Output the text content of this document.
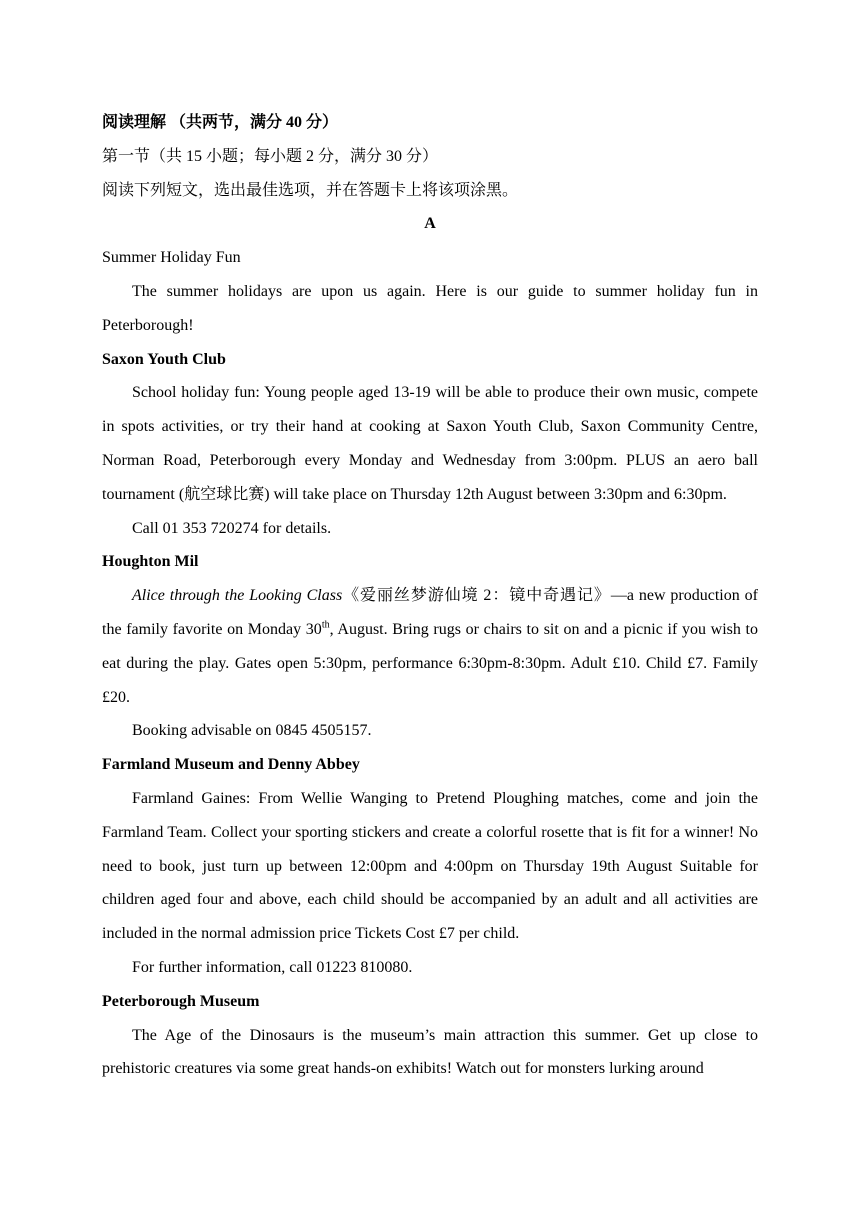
阅读理解 （共两节，满分 40 分）
第一节（共 15 小题；每小题 2 分，满分 30 分）
阅读下列短文，选出最佳选项，并在答题卡上将该项涂黑。
A
Summer Holiday Fun

The summer holidays are upon us again. Here is our guide to summer holiday fun in Peterborough!

Saxon Youth Club

School holiday fun: Young people aged 13-19 will be able to produce their own music, compete in spots activities, or try their hand at cooking at Saxon Youth Club, Saxon Community Centre, Norman Road, Peterborough every Monday and Wednesday from 3:00pm. PLUS an aero ball tournament (航空球比赛) will take place on Thursday 12th August between 3:30pm and 6:30pm.

Call 01 353 720274 for details.

Houghton Mil

Alice through the Looking Class《爱丽丝梦游仙境 2：镜中奇遇记》—a new production of the family favorite on Monday 30th, August. Bring rugs or chairs to sit on and a picnic if you wish to eat during the play. Gates open 5:30pm, performance 6:30pm-8:30pm. Adult £10. Child £7. Family £20.

Booking advisable on 0845 4505157.

Farmland Museum and Denny Abbey

Farmland Gaines: From Wellie Wanging to Pretend Ploughing matches, come and join the Farmland Team. Collect your sporting stickers and create a colorful rosette that is fit for a winner! No need to book, just turn up between 12:00pm and 4:00pm on Thursday 19th August Suitable for children aged four and above, each child should be accompanied by an adult and all activities are included in the normal admission price Tickets Cost £7 per child.

For further information, call 01223 810080.

Peterborough Museum

The Age of the Dinosaurs is the museum’s main attraction this summer. Get up close to prehistoric creatures via some great hands-on exhibits! Watch out for monsters lurking around
